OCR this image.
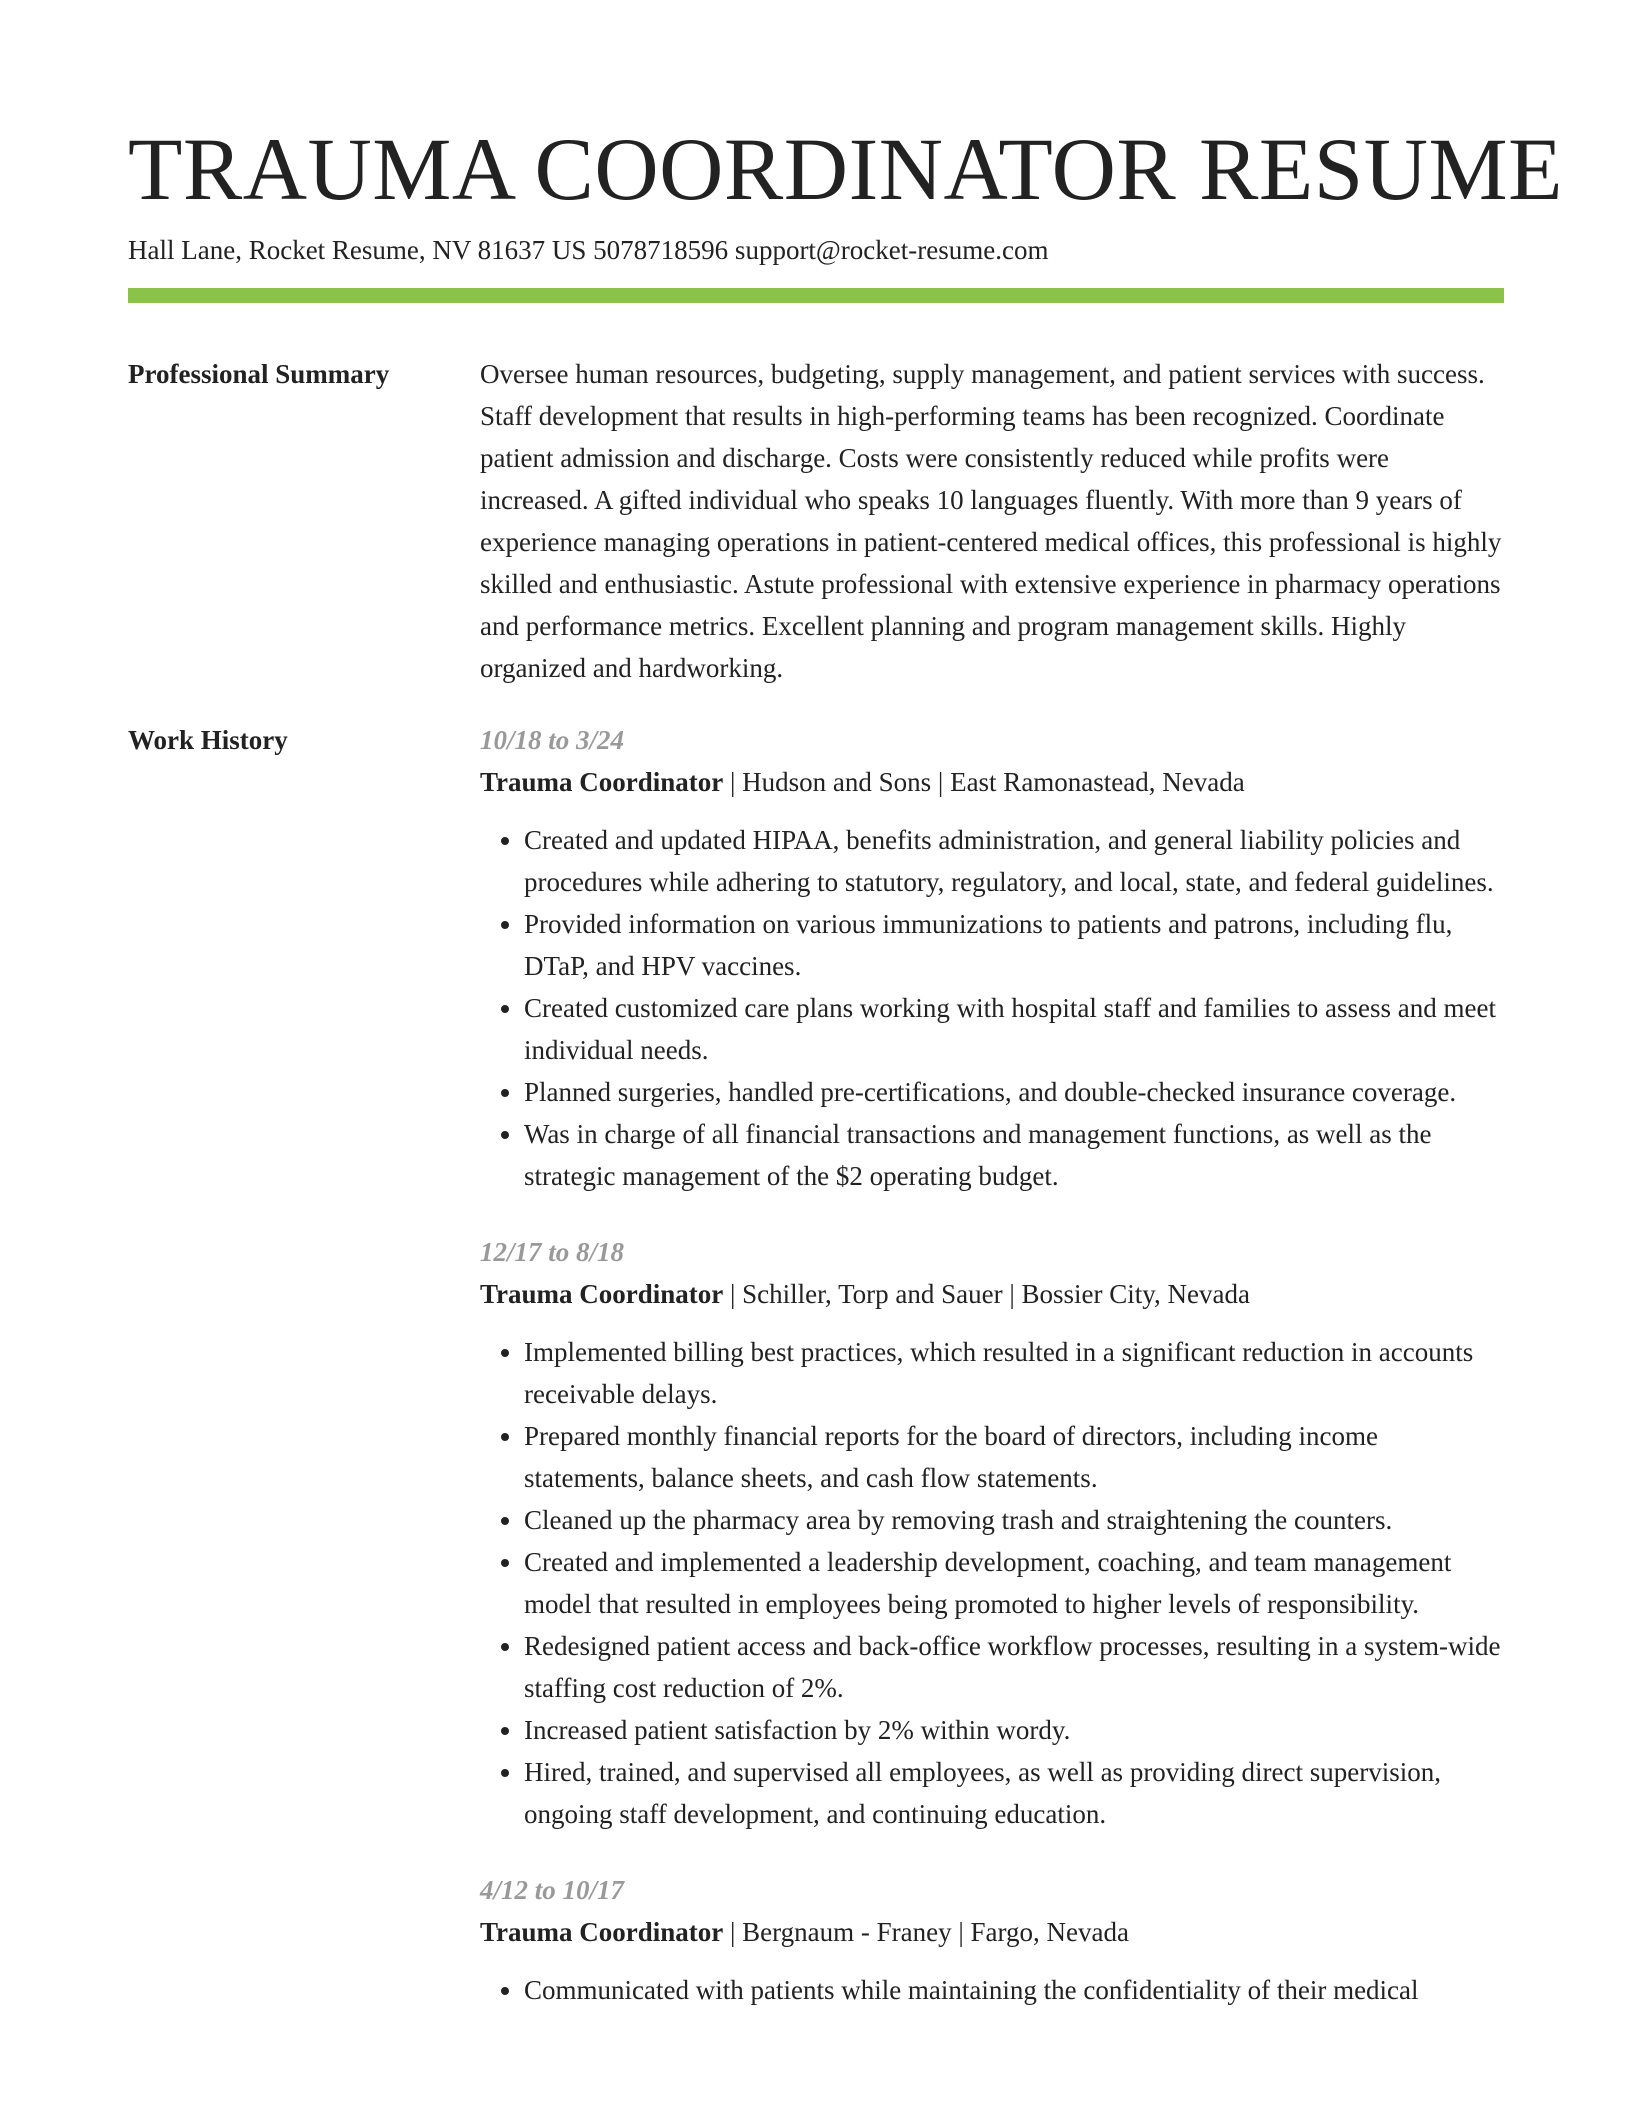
TRAUMA COORDINATOR RESUME
Hall Lane, Rocket Resume, NV 81637 US 5078718596 support@rocket-resume.com
Professional Summary	Oversee human resources, budgeting, supply management, and patient services with success. Staff development that results in high-performing teams has been recognized. Coordinate patient admission and discharge. Costs were consistently reduced while profits were increased. A gifted individual who speaks 10 languages fluently. With more than 9 years of experience managing operations in patient-centered medical offices, this professional is highly skilled and enthusiastic. Astute professional with extensive experience in pharmacy operations and performance metrics. Excellent planning and program management skills. Highly organized and hardworking.

Work History	10/18 to 3/24
Trauma Coordinator | Hudson and Sons | East Ramonastead, Nevada
• Created and updated HIPAA, benefits administration, and general liability policies and procedures while adhering to statutory, regulatory, and local, state, and federal guidelines.
• Provided information on various immunizations to patients and patrons, including flu, DTaP, and HPV vaccines.
• Created customized care plans working with hospital staff and families to assess and meet individual needs.
• Planned surgeries, handled pre-certifications, and double-checked insurance coverage.
• Was in charge of all financial transactions and management functions, as well as the strategic management of the $2 operating budget.
12/17 to 8/18
Trauma Coordinator | Schiller, Torp and Sauer | Bossier City, Nevada
• Implemented billing best practices, which resulted in a significant reduction in accounts receivable delays.
• Prepared monthly financial reports for the board of directors, including income statements, balance sheets, and cash flow statements.
• Cleaned up the pharmacy area by removing trash and straightening the counters.
• Created and implemented a leadership development, coaching, and team management model that resulted in employees being promoted to higher levels of responsibility.
• Redesigned patient access and back-office workflow processes, resulting in a system-wide staffing cost reduction of 2%.
• Increased patient satisfaction by 2% within wordy.
• Hired, trained, and supervised all employees, as well as providing direct supervision, ongoing staff development, and continuing education.
4/12 to 10/17
Trauma Coordinator | Bergnaum - Franey | Fargo, Nevada
• Communicated with patients while maintaining the confidentiality of their medical
